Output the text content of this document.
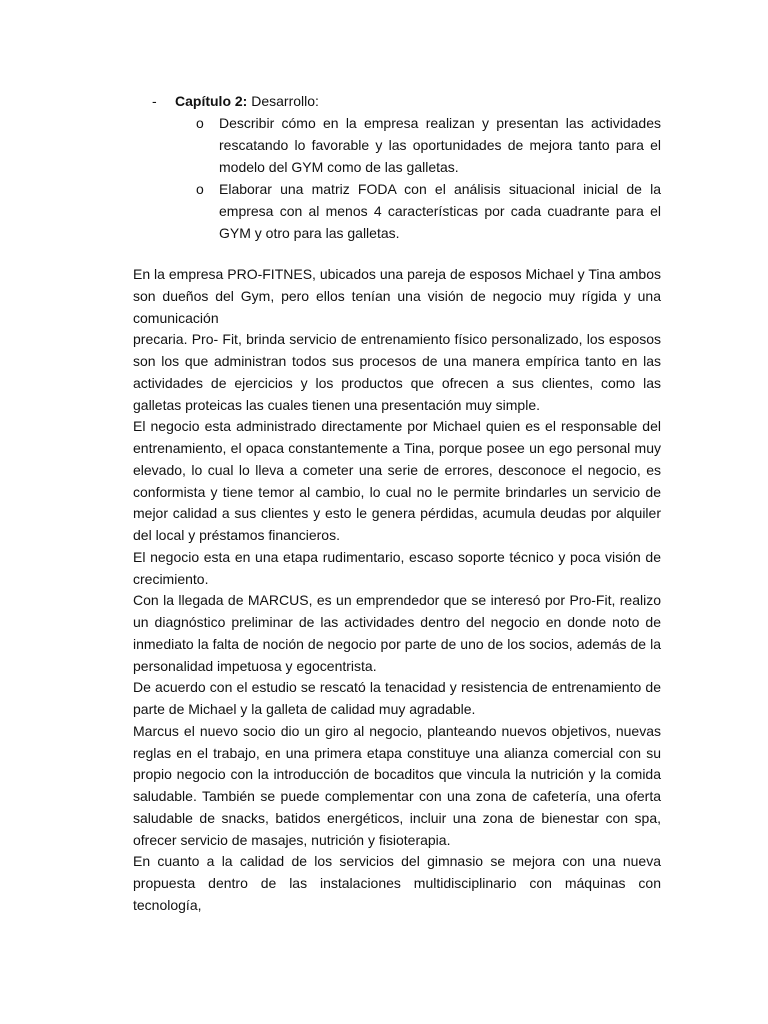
- Capítulo 2: Desarrollo:
o Describir cómo en la empresa realizan y presentan las actividades rescatando lo favorable y las oportunidades de mejora tanto para el modelo del GYM como de las galletas.
o Elaborar una matriz FODA con el análisis situacional inicial de la empresa con al menos 4 características por cada cuadrante para el GYM y otro para las galletas.

En la empresa PRO-FITNES, ubicados una pareja de esposos Michael y Tina ambos son dueños del Gym, pero ellos tenían una visión de negocio muy rígida y una comunicación

precaria. Pro- Fit, brinda servicio de entrenamiento físico personalizado, los esposos son los que administran todos sus procesos de una manera empírica tanto en las actividades de ejercicios y los productos que ofrecen a sus clientes, como las galletas proteicas las cuales tienen una presentación muy simple.

El negocio esta administrado directamente por Michael quien es el responsable del entrenamiento, el opaca constantemente a Tina, porque posee un ego personal muy elevado, lo cual lo lleva a cometer una serie de errores, desconoce el negocio, es conformista y tiene temor al cambio, lo cual no le permite brindarles un servicio de mejor calidad a sus clientes y esto le genera pérdidas, acumula deudas por alquiler del local y préstamos financieros.

El negocio esta en una etapa rudimentario, escaso soporte técnico y poca visión de crecimiento.

Con la llegada de MARCUS, es un emprendedor que se interesó por Pro-Fit, realizo un diagnóstico preliminar de las actividades dentro del negocio en donde noto de inmediato la falta de noción de negocio por parte de uno de los socios, además de la personalidad impetuosa y egocentrista.

De acuerdo con el estudio se rescató la tenacidad y resistencia de entrenamiento de parte de Michael y la galleta de calidad muy agradable.

Marcus el nuevo socio dio un giro al negocio, planteando nuevos objetivos, nuevas reglas en el trabajo, en una primera etapa constituye una alianza comercial con su propio negocio con la introducción de bocaditos que vincula la nutrición y la comida saludable. También se puede complementar con una zona de cafetería, una oferta saludable de snacks, batidos energéticos, incluir una zona de bienestar con spa, ofrecer servicio de masajes, nutrición y fisioterapia.

En cuanto a la calidad de los servicios del gimnasio se mejora con una nueva propuesta dentro de las instalaciones multidisciplinario con máquinas con tecnología,
